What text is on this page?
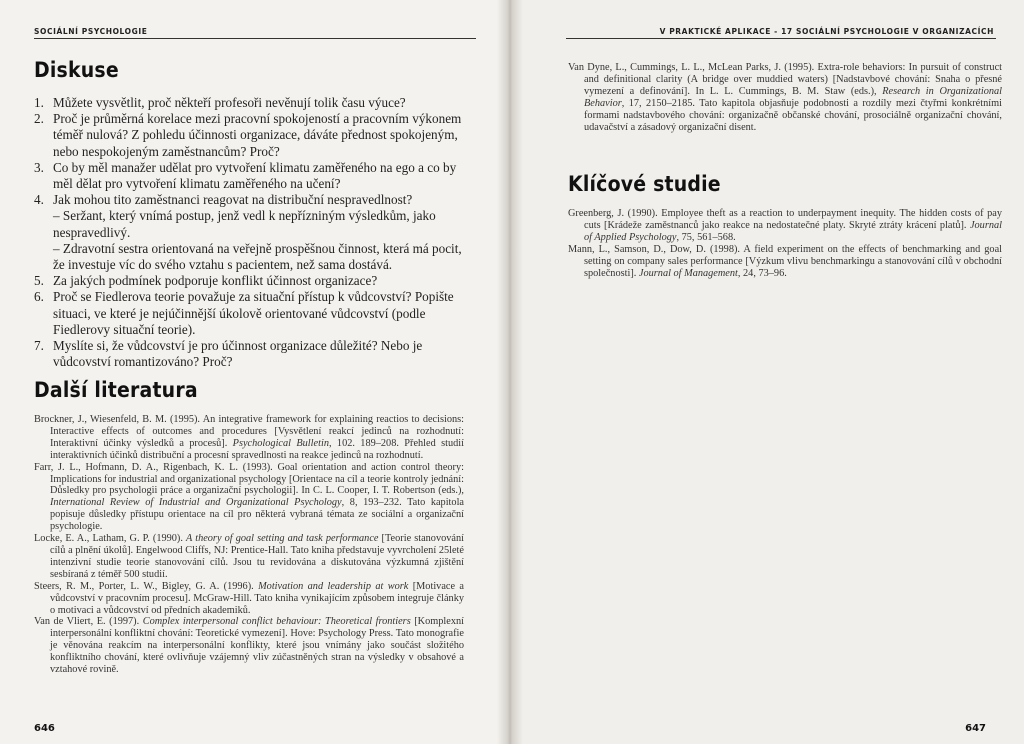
SOCIÁLNÍ PSYCHOLOGIE
Diskuse
1. Můžete vysvětlit, proč někteří profesoři nevěnují tolik času výuce?
2. Proč je průměrná korelace mezi pracovní spokojeností a pracovním výkonem téměř nulová? Z pohledu účinnosti organizace, dáváte přednost spokojeným, nebo nespokojeným zaměstnancům? Proč?
3. Co by měl manažer udělat pro vytvoření klimatu zaměřeného na ego a co by měl dělat pro vytvoření klimatu zaměřeného na učení?
4. Jak mohou tito zaměstnanci reagovat na distribuční nespravedlnost?
– Seržant, který vnímá postup, jenž vedl k nepřízniným výsledkům, jako nespravedlivý.
– Zdravotní sestra orientovaná na veřejně prospěšnou činnost, která má pocit, že investuje víc do svého vztahu s pacientem, než sama dostává.
5. Za jakých podmínek podporuje konflikt účinnost organizace?
6. Proč se Fiedlerova teorie považuje za situační přístup k vůdcovství? Popište situaci, ve které je nejúčinnější úkolově orientované vůdcovství (podle Fiedlerovy situační teorie).
7. Myslíte si, že vůdcovství je pro účinnost organizace důležité? Nebo je vůdcovství romantizováno? Proč?
Další literatura
Brockner, J., Wiesenfeld, B. M. (1995). An integrative framework for explaining reactios to decisions: Interactive effects of outcomes and procedures [Vysvětlení reakcí jedinců na rozhodnutí: Interaktivní účinky výsledků a procesů]. Psychological Bulletin, 102. 189–208. Přehled studií interaktivních účinků distribuční a procesní spravedlnosti na reakce jedinců na rozhodnutí.
Farr, J. L., Hofmann, D. A., Rigenbach, K. L. (1993). Goal orientation and action control theory: Implications for industrial and organizational psychology [Orientace na cíl a teorie kontroly jednání: Důsledky pro psychologii práce a organizační psychologii]. In C. L. Cooper, I. T. Robertson (eds.), International Review of Industrial and Organizational Psychology, 8, 193–232. Tato kapitola popisuje důsledky přístupu orientace na cíl pro některá vybraná témata ze sociální a organizační psychologie.
Locke, E. A., Latham, G. P. (1990). A theory of goal setting and task performance [Teorie stanovování cílů a plnění úkolů]. Engelwood Cliffs, NJ: Prentice-Hall. Tato kniha představuje vyvrcholení 25leté intenzivní studie teorie stanovování cílů. Jsou tu revidována a diskutována výzkumná zjištění sesbíraná z téměř 500 studií.
Steers, R. M., Porter, L. W., Bigley, G. A. (1996). Motivation and leadership at work [Motivace a vůdcovství v pracovním procesu]. McGraw-Hill. Tato kniha vynikajícím způsobem integruje články o motivaci a vůdcovství od předních akademiků.
Van de Vliert, E. (1997). Complex interpersonal conflict behaviour: Theoretical frontiers [Komplexní interpersonální konfliktní chování: Teoretické vymezení]. Hove: Psychology Press. Tato monografie je věnována reakcím na interpersonální konflikty, které jsou vnímány jako součást složitého konfliktního chování, které ovlivňuje vzájemný vliv zúčastněných stran na výsledky v obsahové a vztahové rovině.
646
V PRAKTICKÉ APLIKACE - 17 SOCIÁLNÍ PSYCHOLOGIE V ORGANIZACÍCH
Van Dyne, L., Cummings, L. L., McLean Parks, J. (1995). Extra-role behaviors: In pursuit of construct and definitional clarity (A bridge over muddied waters) [Nadstavbové chování: Snaha o přesné vymezení a definování]. In L. L. Cummings, B. M. Staw (eds.), Research in Organizational Behavior, 17, 2150–2185. Tato kapitola objasňuje podobnosti a rozdíly mezi čtyřmi konkrétními formami nadstavbového chování: organizačně občanské chování, prosociálně organizační chování, udavačství a zásadový organizační disent.
Klíčové studie
Greenberg, J. (1990). Employee theft as a reaction to underpayment inequity. The hidden costs of pay cuts [Krádeže zaměstnanců jako reakce na nedostatečné platy. Skryté ztráty krácení platů]. Journal of Applied Psychology, 75, 561–568.
Mann, L., Samson, D., Dow, D. (1998). A field experiment on the effects of benchmarking and goal setting on company sales performance [Výzkum vlivu benchmarkingu a stanovování cílů v obchodní společnosti]. Journal of Management, 24, 73–96.
647
